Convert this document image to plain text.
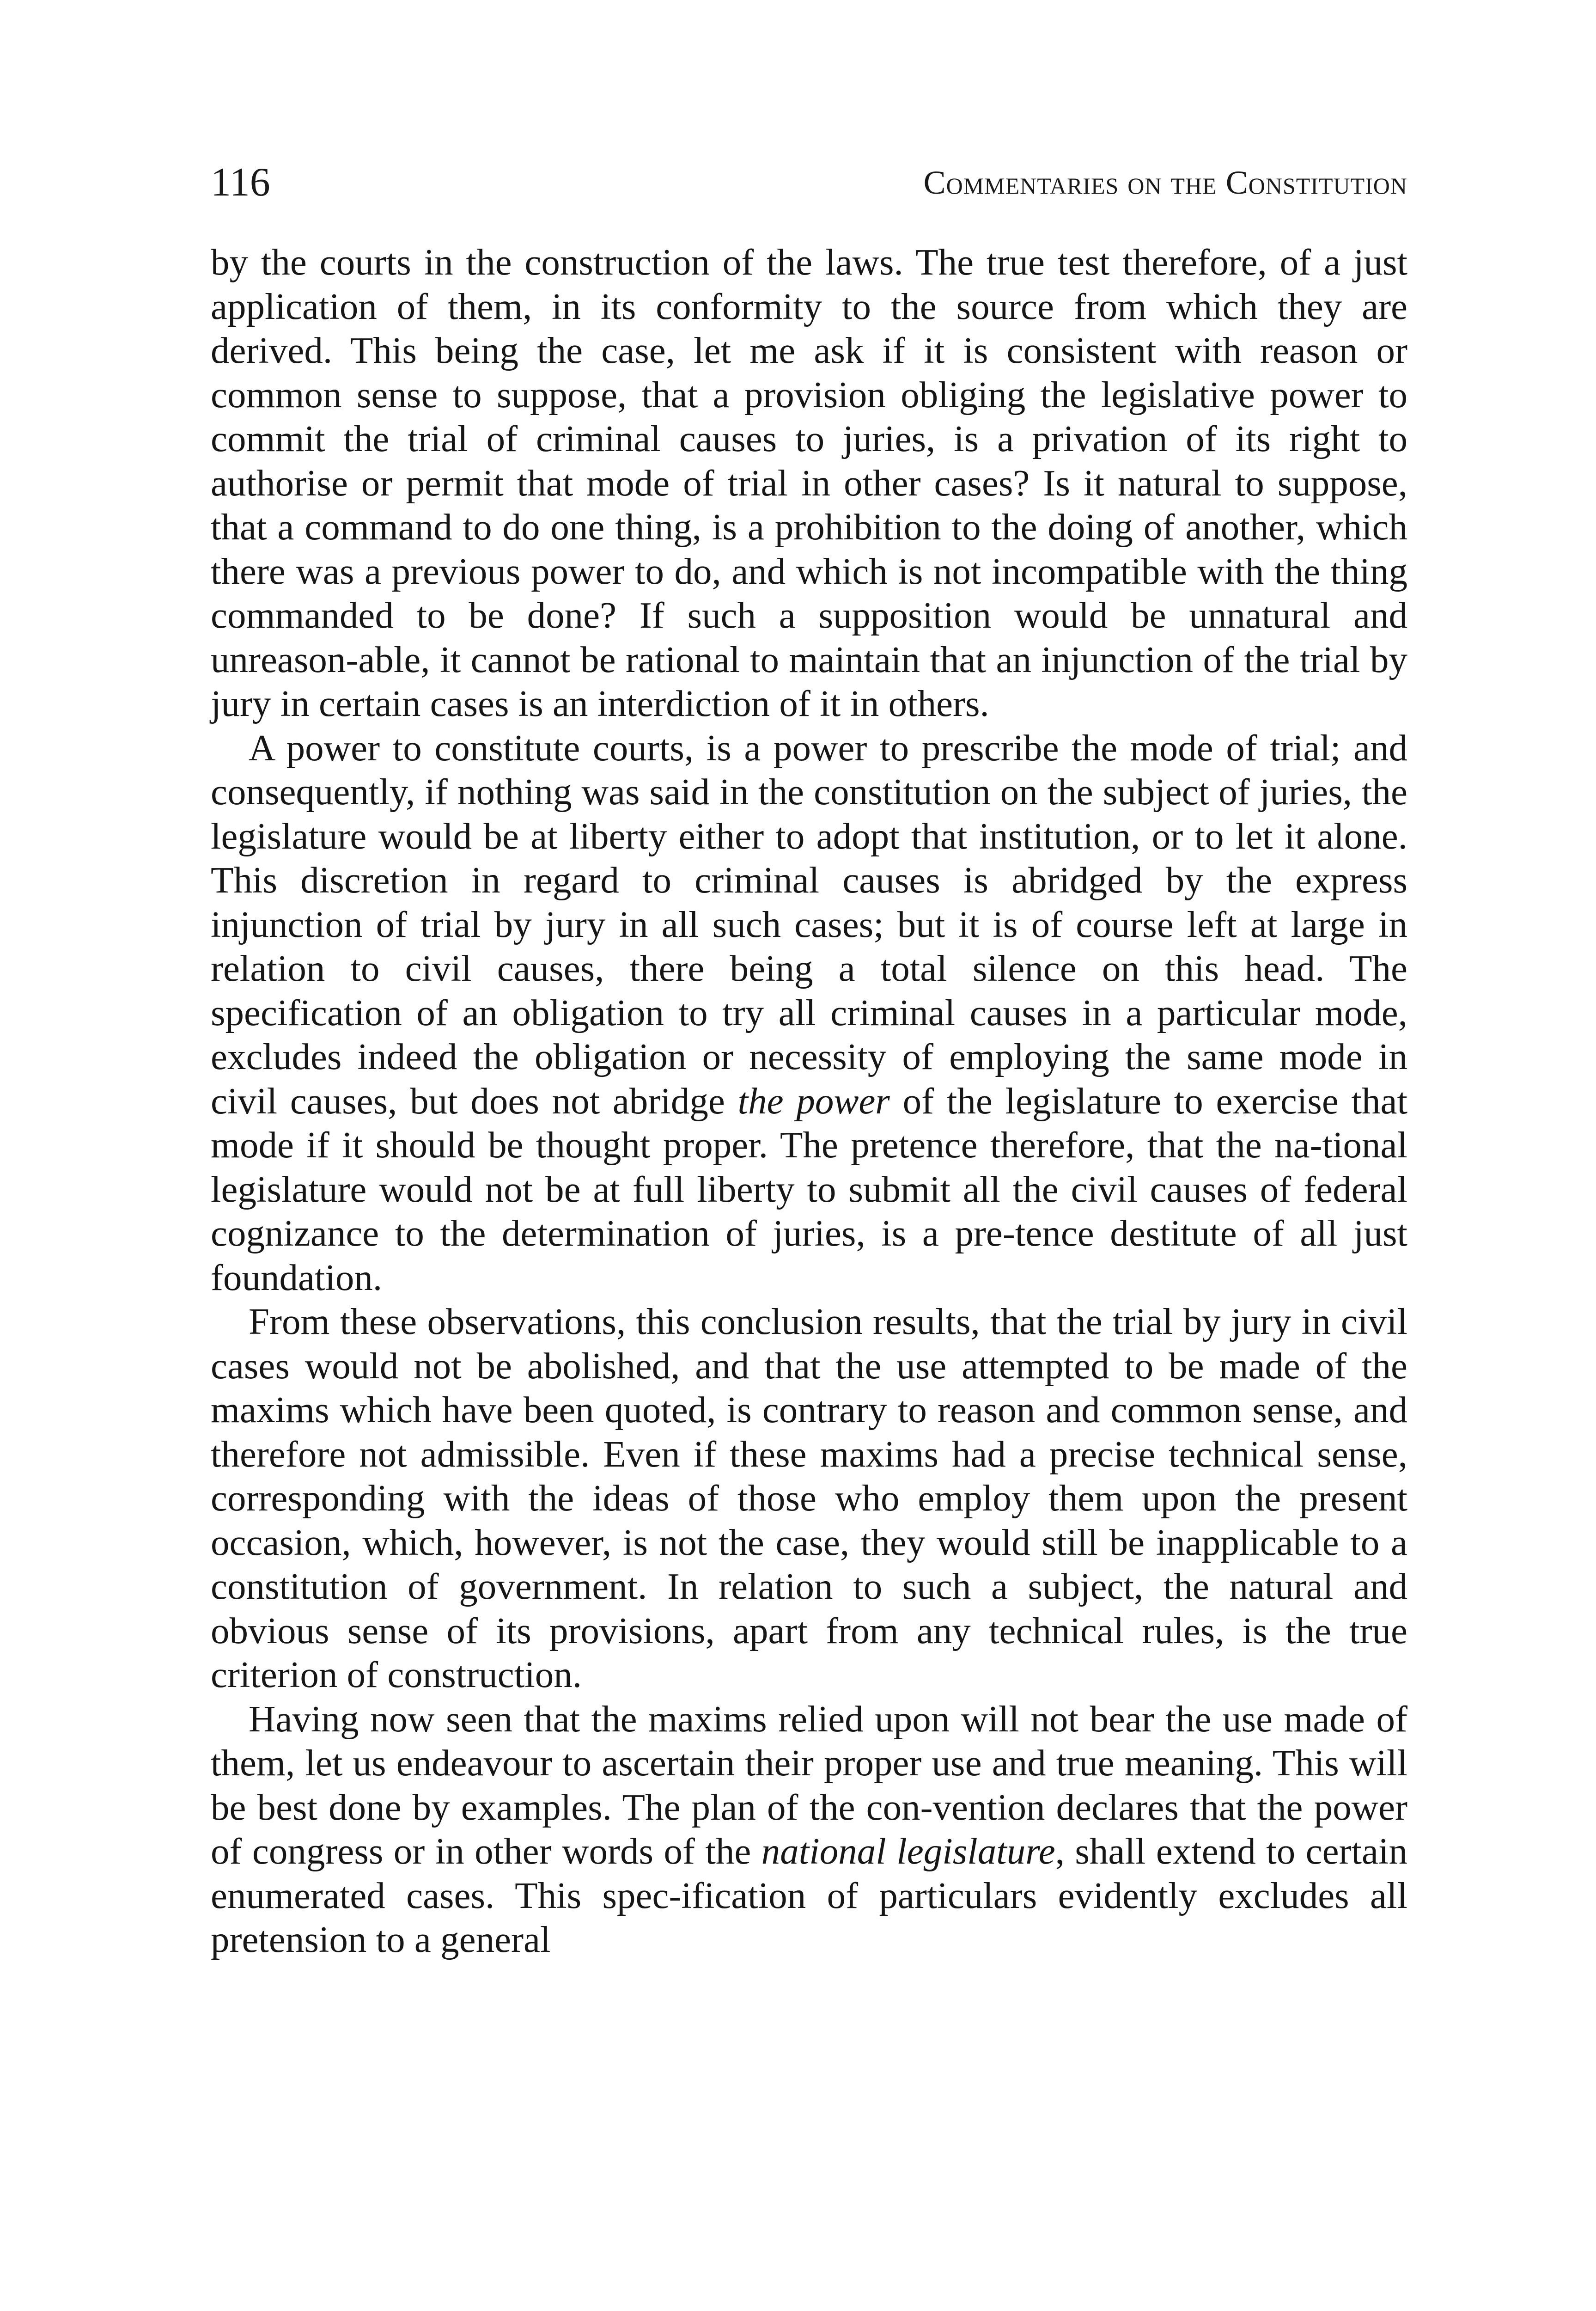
116	Commentaries on the Constitution

by the courts in the construction of the laws. The true test therefore, of a just application of them, in its conformity to the source from which they are derived. This being the case, let me ask if it is consistent with reason or common sense to suppose, that a provision obliging the legislative power to commit the trial of criminal causes to juries, is a privation of its right to authorise or permit that mode of trial in other cases? Is it natural to suppose, that a command to do one thing, is a prohibition to the doing of another, which there was a previous power to do, and which is not incompatible with the thing commanded to be done? If such a supposition would be unnatural and unreason-able, it cannot be rational to maintain that an injunction of the trial by jury in certain cases is an interdiction of it in others.

A power to constitute courts, is a power to prescribe the mode of trial; and consequently, if nothing was said in the constitution on the subject of juries, the legislature would be at liberty either to adopt that institution, or to let it alone. This discretion in regard to criminal causes is abridged by the express injunction of trial by jury in all such cases; but it is of course left at large in relation to civil causes, there being a total silence on this head. The specification of an obligation to try all criminal causes in a particular mode, excludes indeed the obligation or necessity of employing the same mode in civil causes, but does not abridge the power of the legislature to exercise that mode if it should be thought proper. The pretence therefore, that the na-tional legislature would not be at full liberty to submit all the civil causes of federal cognizance to the determination of juries, is a pre-tence destitute of all just foundation.

From these observations, this conclusion results, that the trial by jury in civil cases would not be abolished, and that the use attempted to be made of the maxims which have been quoted, is contrary to reason and common sense, and therefore not admissible. Even if these maxims had a precise technical sense, corresponding with the ideas of those who employ them upon the present occasion, which, however, is not the case, they would still be inapplicable to a constitution of government. In relation to such a subject, the natural and obvious sense of its provisions, apart from any technical rules, is the true criterion of construction.

Having now seen that the maxims relied upon will not bear the use made of them, let us endeavour to ascertain their proper use and true meaning. This will be best done by examples. The plan of the con-vention declares that the power of congress or in other words of the national legislature, shall extend to certain enumerated cases. This spec-ification of particulars evidently excludes all pretension to a general
